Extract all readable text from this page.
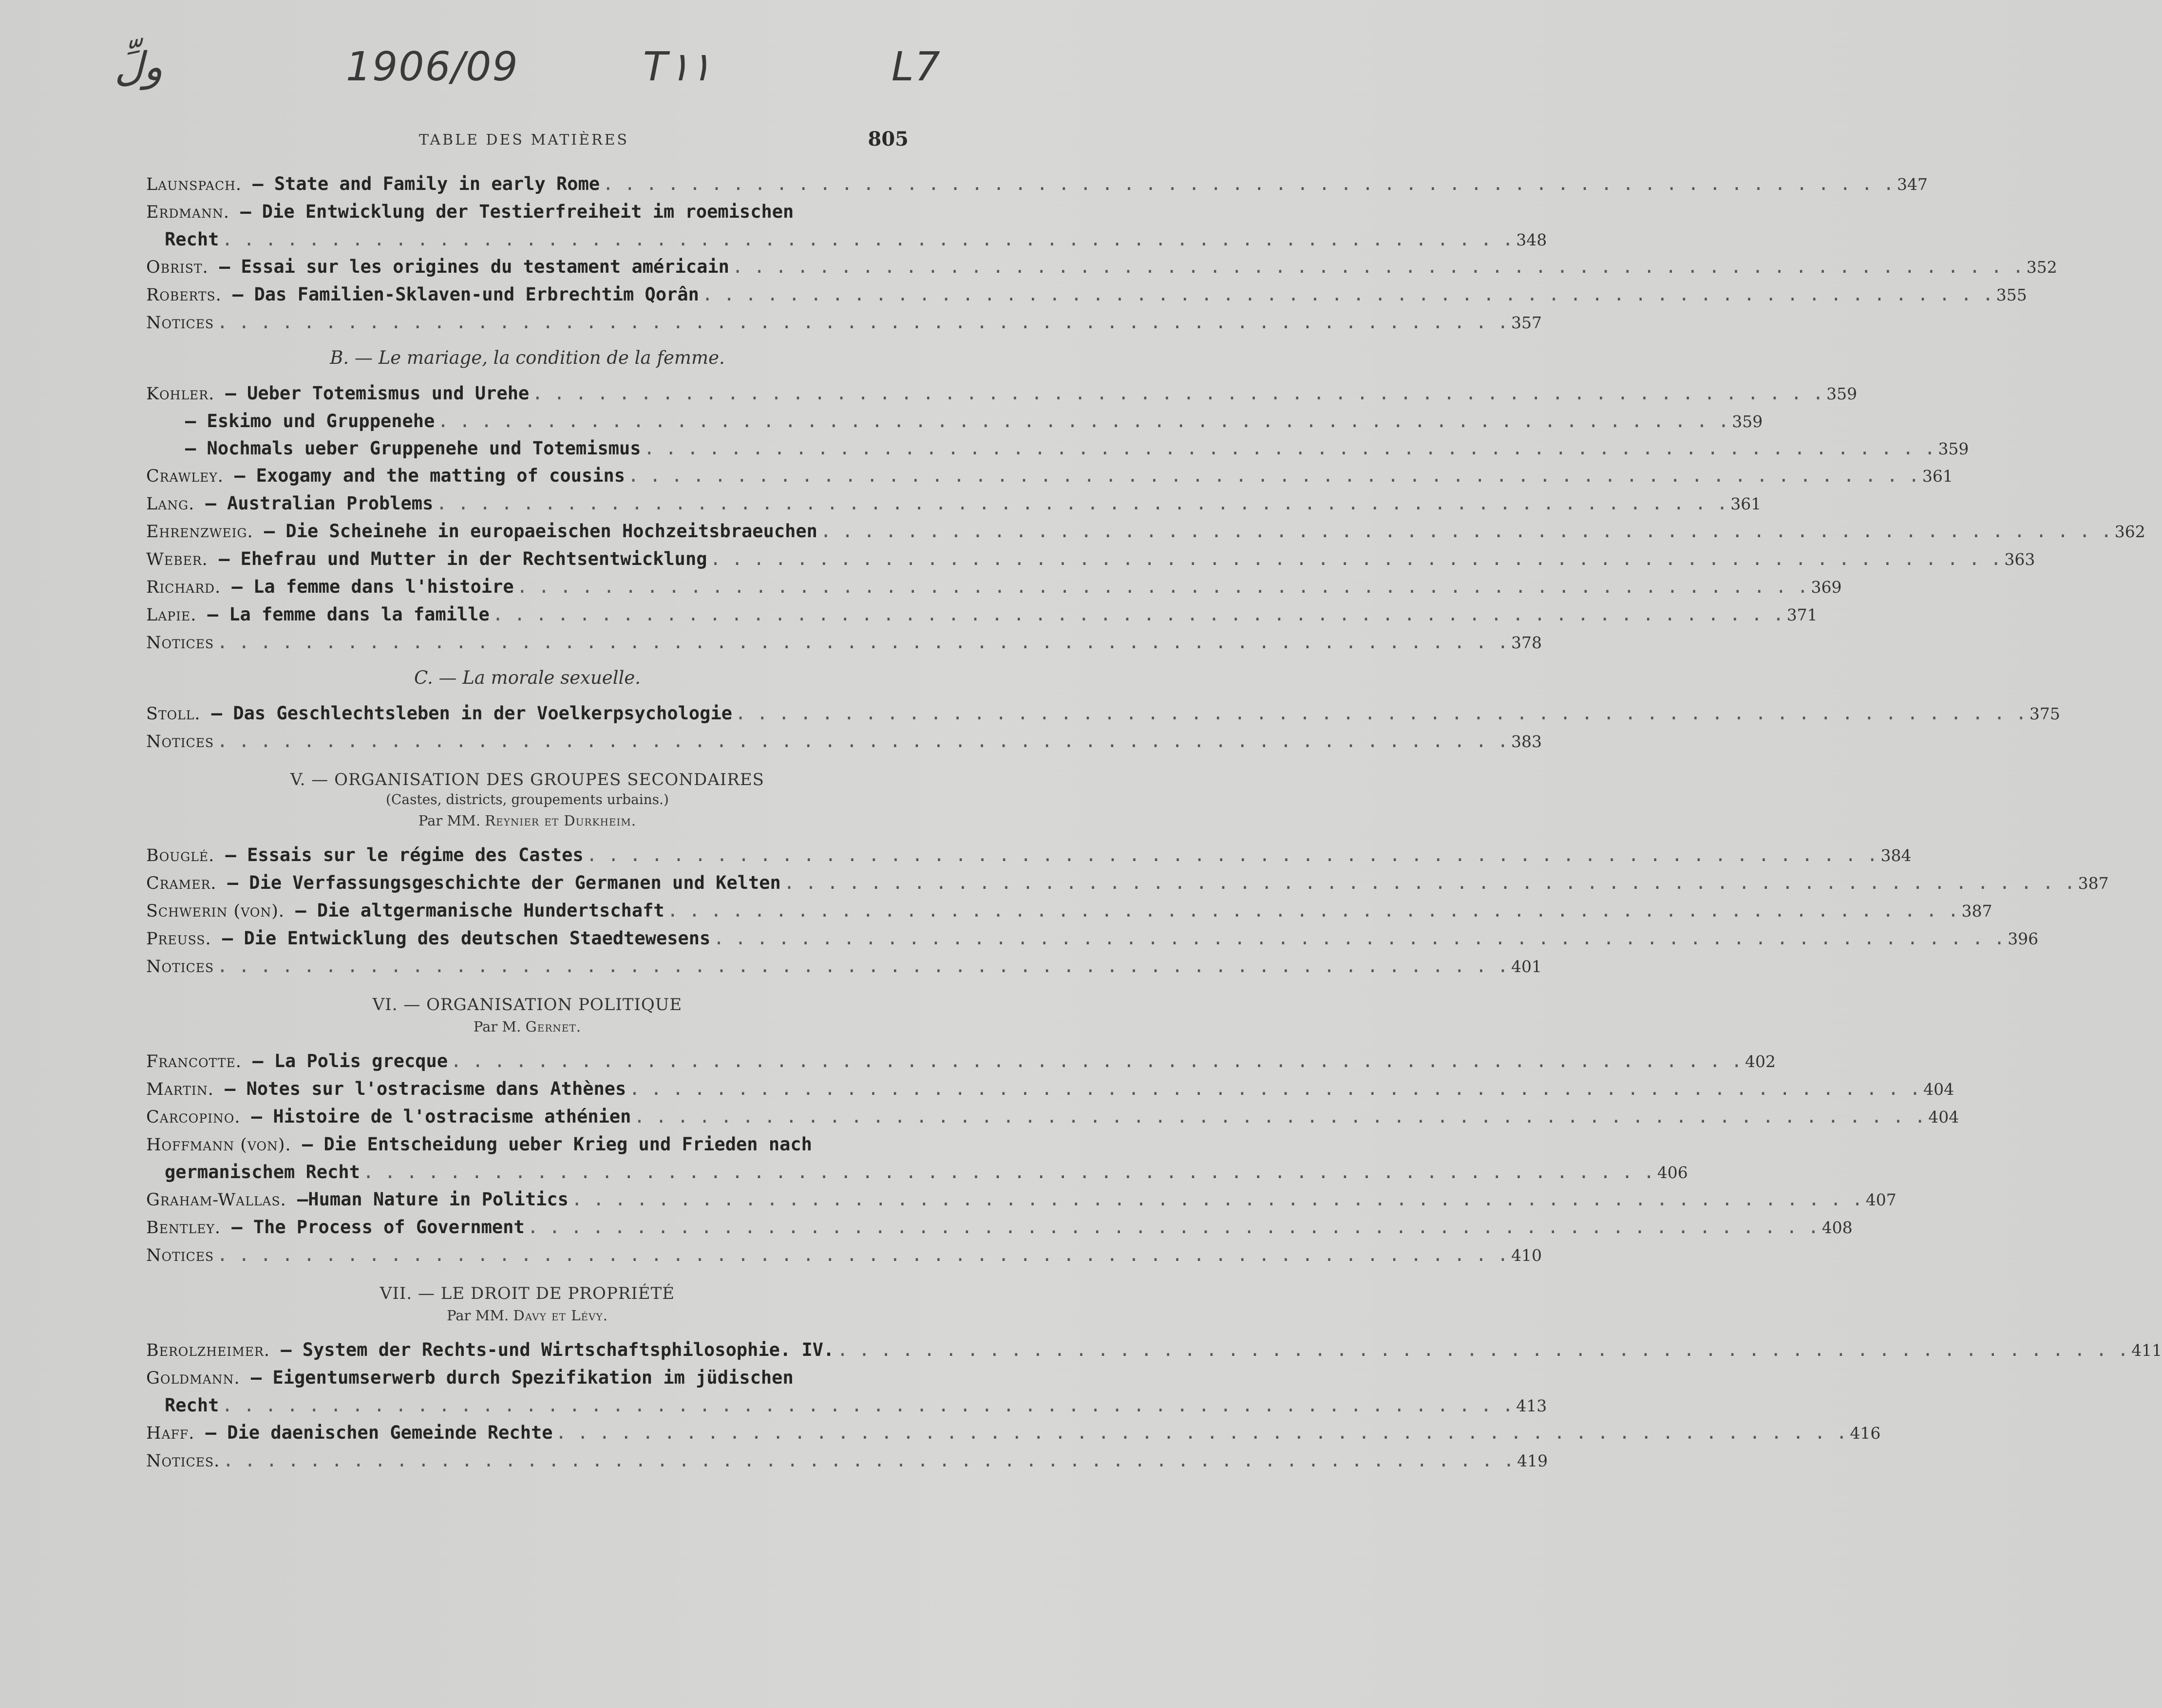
ولِّ	1906/09	T١١	L7
TABLE DES MATIÈRES	805
Launspach. — State and Family in early Rome . . . . . . . . . . . . . . . . . . . . . . . . . . . . . . . . . . . . . . . . . . . . . . . . . . . . . . . . . . . . 347
Erdmann. — Die Entwicklung der Testierfreiheit im roemischen
Recht . . . . . . . . . . . . . . . . . . . . . . . . . . . . . . . . . . . . . . . . . . . . . . . . . . . . . . . . . . . . 348
Obrist. — Essai sur les origines du testament américain . . . . . . . . . . . . . . . . . . . . . . . . . . . . . . . . . . . . . . . . . . . . . . . . . . . . . . . . . . . . 352
Roberts. — Das Familien-Sklaven-und Erbrechtim Qorân . . . . . . . . . . . . . . . . . . . . . . . . . . . . . . . . . . . . . . . . . . . . . . . . . . . . . . . . . . . . 355
Notices . . . . . . . . . . . . . . . . . . . . . . . . . . . . . . . . . . . . . . . . . . . . . . . . . . . . . . . . . . . . 357
B. — Le mariage, la condition de la femme.
Kohler. — Ueber Totemismus und Urehe . . . . . . . . . . . . . . . . . . . . . . . . . . . . . . . . . . . . . . . . . . . . . . . . . . . . . . . . . . . . 359
— Eskimo und Gruppenehe . . . . . . . . . . . . . . . . . . . . . . . . . . . . . . . . . . . . . . . . . . . . . . . . . . . . . . . . . . . . 359
— Nochmals ueber Gruppenehe und Totemismus . . . . . . . . . . . . . . . . . . . . . . . . . . . . . . . . . . . . . . . . . . . . . . . . . . . . . . . . . . . . 359
Crawley. — Exogamy and the matting of cousins . . . . . . . . . . . . . . . . . . . . . . . . . . . . . . . . . . . . . . . . . . . . . . . . . . . . . . . . . . . . 361
Lang. — Australian Problems . . . . . . . . . . . . . . . . . . . . . . . . . . . . . . . . . . . . . . . . . . . . . . . . . . . . . . . . . . . . 361
Ehrenzweig. — Die Scheinehe in europaeischen Hochzeitsbraeuchen . . . . . . . . . . . . . . . . . . . . . . . . . . . . . . . . . . . . . . . . . . . . . . . . . . . . . . . . . . . . 362
Weber. — Ehefrau und Mutter in der Rechtsentwicklung . . . . . . . . . . . . . . . . . . . . . . . . . . . . . . . . . . . . . . . . . . . . . . . . . . . . . . . . . . . . 363
Richard. — La femme dans l'histoire . . . . . . . . . . . . . . . . . . . . . . . . . . . . . . . . . . . . . . . . . . . . . . . . . . . . . . . . . . . . 369
Lapie. — La femme dans la famille . . . . . . . . . . . . . . . . . . . . . . . . . . . . . . . . . . . . . . . . . . . . . . . . . . . . . . . . . . . . 371
Notices . . . . . . . . . . . . . . . . . . . . . . . . . . . . . . . . . . . . . . . . . . . . . . . . . . . . . . . . . . . . 378
C. — La morale sexuelle.
Stoll. — Das Geschlechtsleben in der Voelkerpsychologie . . . . . . . . . . . . . . . . . . . . . . . . . . . . . . . . . . . . . . . . . . . . . . . . . . . . . . . . . . . . 375
Notices . . . . . . . . . . . . . . . . . . . . . . . . . . . . . . . . . . . . . . . . . . . . . . . . . . . . . . . . . . . . 383
V. — ORGANISATION DES GROUPES SECONDAIRES
(Castes, districts, groupements urbains.)
Par MM. Reynier et Durkheim.
Bouglé. — Essais sur le régime des Castes . . . . . . . . . . . . . . . . . . . . . . . . . . . . . . . . . . . . . . . . . . . . . . . . . . . . . . . . . . . . 384
Cramer. — Die Verfassungsgeschichte der Germanen und Kelten . . . . . . . . . . . . . . . . . . . . . . . . . . . . . . . . . . . . . . . . . . . . . . . . . . . . . . . . . . . . 387
Schwerin (von). — Die altgermanische Hundertschaft . . . . . . . . . . . . . . . . . . . . . . . . . . . . . . . . . . . . . . . . . . . . . . . . . . . . . . . . . . . . 387
Preuss. — Die Entwicklung des deutschen Staedtewesens . . . . . . . . . . . . . . . . . . . . . . . . . . . . . . . . . . . . . . . . . . . . . . . . . . . . . . . . . . . . 396
Notices . . . . . . . . . . . . . . . . . . . . . . . . . . . . . . . . . . . . . . . . . . . . . . . . . . . . . . . . . . . . 401
VI. — ORGANISATION POLITIQUE
Par M. Gernet.
Francotte. — La Polis grecque . . . . . . . . . . . . . . . . . . . . . . . . . . . . . . . . . . . . . . . . . . . . . . . . . . . . . . . . . . . . 402
Martin. — Notes sur l'ostracisme dans Athènes . . . . . . . . . . . . . . . . . . . . . . . . . . . . . . . . . . . . . . . . . . . . . . . . . . . . . . . . . . . . 404
Carcopino. — Histoire de l'ostracisme athénien . . . . . . . . . . . . . . . . . . . . . . . . . . . . . . . . . . . . . . . . . . . . . . . . . . . . . . . . . . . . 404
Hoffmann (von). — Die Entscheidung ueber Krieg und Frieden nach
germanischem Recht . . . . . . . . . . . . . . . . . . . . . . . . . . . . . . . . . . . . . . . . . . . . . . . . . . . . . . . . . . . . 406
Graham-Wallas. —Human Nature in Politics . . . . . . . . . . . . . . . . . . . . . . . . . . . . . . . . . . . . . . . . . . . . . . . . . . . . . . . . . . . . 407
Bentley. — The Process of Government . . . . . . . . . . . . . . . . . . . . . . . . . . . . . . . . . . . . . . . . . . . . . . . . . . . . . . . . . . . . 408
Notices . . . . . . . . . . . . . . . . . . . . . . . . . . . . . . . . . . . . . . . . . . . . . . . . . . . . . . . . . . . . 410
VII. — LE DROIT DE PROPRIÉTÉ
Par MM. Davy et Lévy.
Berolzheimer. — System der Rechts-und Wirtschaftsphilosophie. IV. . . . . . . . . . . . . . . . . . . . . . . . . . . . . . . . . . . . . . . . . . . . . . . . . . . . . . . . . . . . . 411
Goldmann. — Eigentumserwerb durch Spezifikation im jüdischen
Recht . . . . . . . . . . . . . . . . . . . . . . . . . . . . . . . . . . . . . . . . . . . . . . . . . . . . . . . . . . . . 413
Haff. — Die daenischen Gemeinde Rechte . . . . . . . . . . . . . . . . . . . . . . . . . . . . . . . . . . . . . . . . . . . . . . . . . . . . . . . . . . . . 416
Notices. . . . . . . . . . . . . . . . . . . . . . . . . . . . . . . . . . . . . . . . . . . . . . . . . . . . . . . . . . . . . 419
